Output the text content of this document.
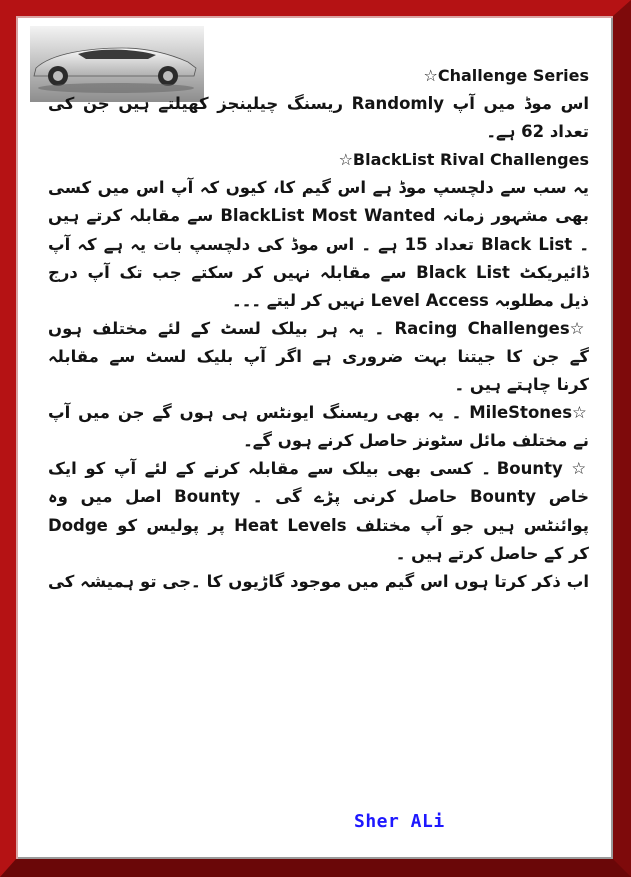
Challenge Series☆
اس موڈ میں آپ Randomly ریسنگ چیلینجز کھیلتے ہیں جن کی
تعداد 62 ہے۔
BlackList Rival Challenges☆
یہ سب سے دلچسپ موڈ ہے اس گیم کا، کیوں کہ آپ اس میں کسی
بھی مشہور زمانہ BlackList Most Wanted سے مقابلہ کرتے ہیں
۔ Black List تعداد 15 ہے ۔ اس موڈ کی دلچسپ بات یہ ہے کہ آپ
ڈائیریکٹ Black List سے مقابلہ نہیں کر سکتے جب تک آپ درج
ذیل مطلوبہ Level Access نہیں کر لیتے ۔۔۔
☆Racing Challenges ۔ یہ ہر بیلک لسٹ کے لئے مختلف ہوں
گے جن کا جیتنا بہت ضروری ہے اگر آپ بلیک لسٹ سے مقابلہ
کرنا چاہتے ہیں ۔
☆MileStones ۔ یہ بھی ریسنگ ایونٹس ہی ہوں گے جن میں آپ
نے مختلف مائل سٹونز حاصل کرنے ہوں گے۔
☆ Bounty ۔ کسی بھی بیلک سے مقابلہ کرنے کے لئے آپ کو ایک
خاص Bounty حاصل کرنی پڑے گی ۔ Bounty اصل میں وہ
پوائنٹس ہیں جو آپ مختلف Heat Levels پر پولیس کو Dodge
کر کے حاصل کرتے ہیں ۔
اب ذکر کرتا ہوں اس گیم میں موجود گاڑیوں کا ۔جی تو ہمیشہ کی
Sher ALi
